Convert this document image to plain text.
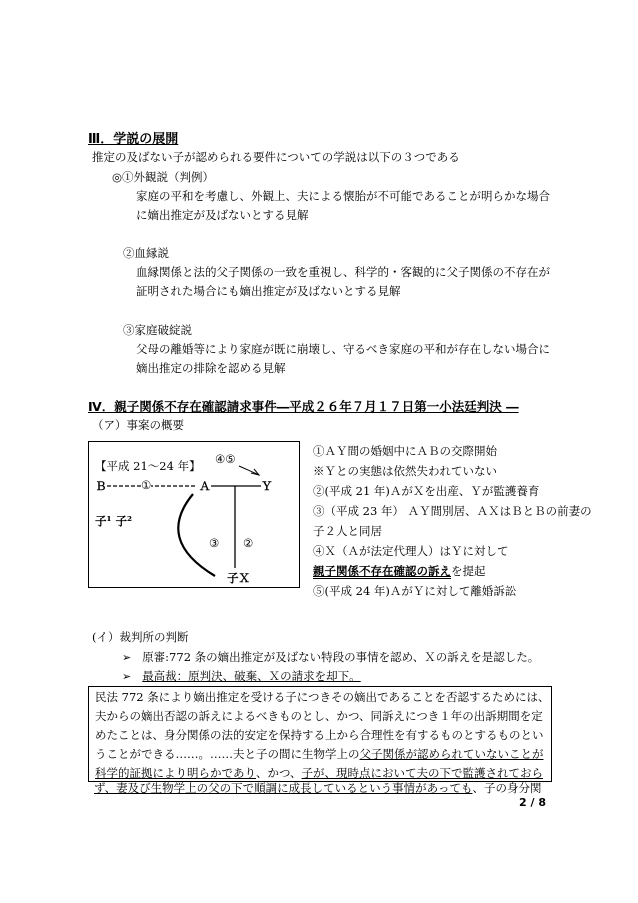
Ⅲ．学説の展開
推定の及ばない子が認められる要件についての学説は以下の３つである
◎①外観説（判例）
家庭の平和を考慮し、外観上、夫による懐胎が不可能であることが明らかな場合
に嫡出推定が及ばないとする見解
②血縁説
血縁関係と法的父子関係の一致を重視し、科学的・客観的に父子関係の不存在が
証明された場合にも嫡出推定が及ばないとする見解
③家庭破綻説
父母の離婚等により家庭が既に崩壊し、守るべき家庭の平和が存在しない場合に
嫡出推定の排除を認める見解
Ⅳ．親子関係不存在確認請求事件―平成２６年７月１７日第一小法廷判決 ―
（ア）事案の概要
【平成 21～24 年】 ④⑤
Ｂ	①	Ａ	Ｙ
子¹ 子²
③ ②
子Ｘ
①ＡＹ間の婚姻中にＡＢの交際開始
※Ｙとの実態は依然失われていない
②(平成 21 年)ＡがＸを出産、Ｙが監護養育
③（平成 23 年） ＡＹ間別居、ＡＸはＢとＢの前妻の
子２人と同居
④Ｘ（Ａが法定代理人）はＹに対して
親子関係不存在確認の訴えを提起
⑤(平成 24 年)ＡがＹに対して離婚訴訟
(イ）裁判所の判断
➢ 原審:772 条の嫡出推定が及ばない特段の事情を認め、Ｘの訴えを是認した。
➢ 最高裁：原判決、破棄、Ｘの請求を却下。
民法 772 条により嫡出推定を受ける子につきその嫡出であることを否認するためには、
夫からの嫡出否認の訴えによるべきものとし、かつ、同訴えにつき１年の出訴期間を定
めたことは、身分関係の法的安定を保持する上から合理性を有するものとするものとい
うことができる……。……夫と子の間に生物学上の父子関係が認められていないことが
科学的証拠により明らかであり、かつ、子が、現時点において夫の下で監護されておら
ず、妻及び生物学上の父の下で順調に成長しているという事情があっても、子の身分関
2 / 8
